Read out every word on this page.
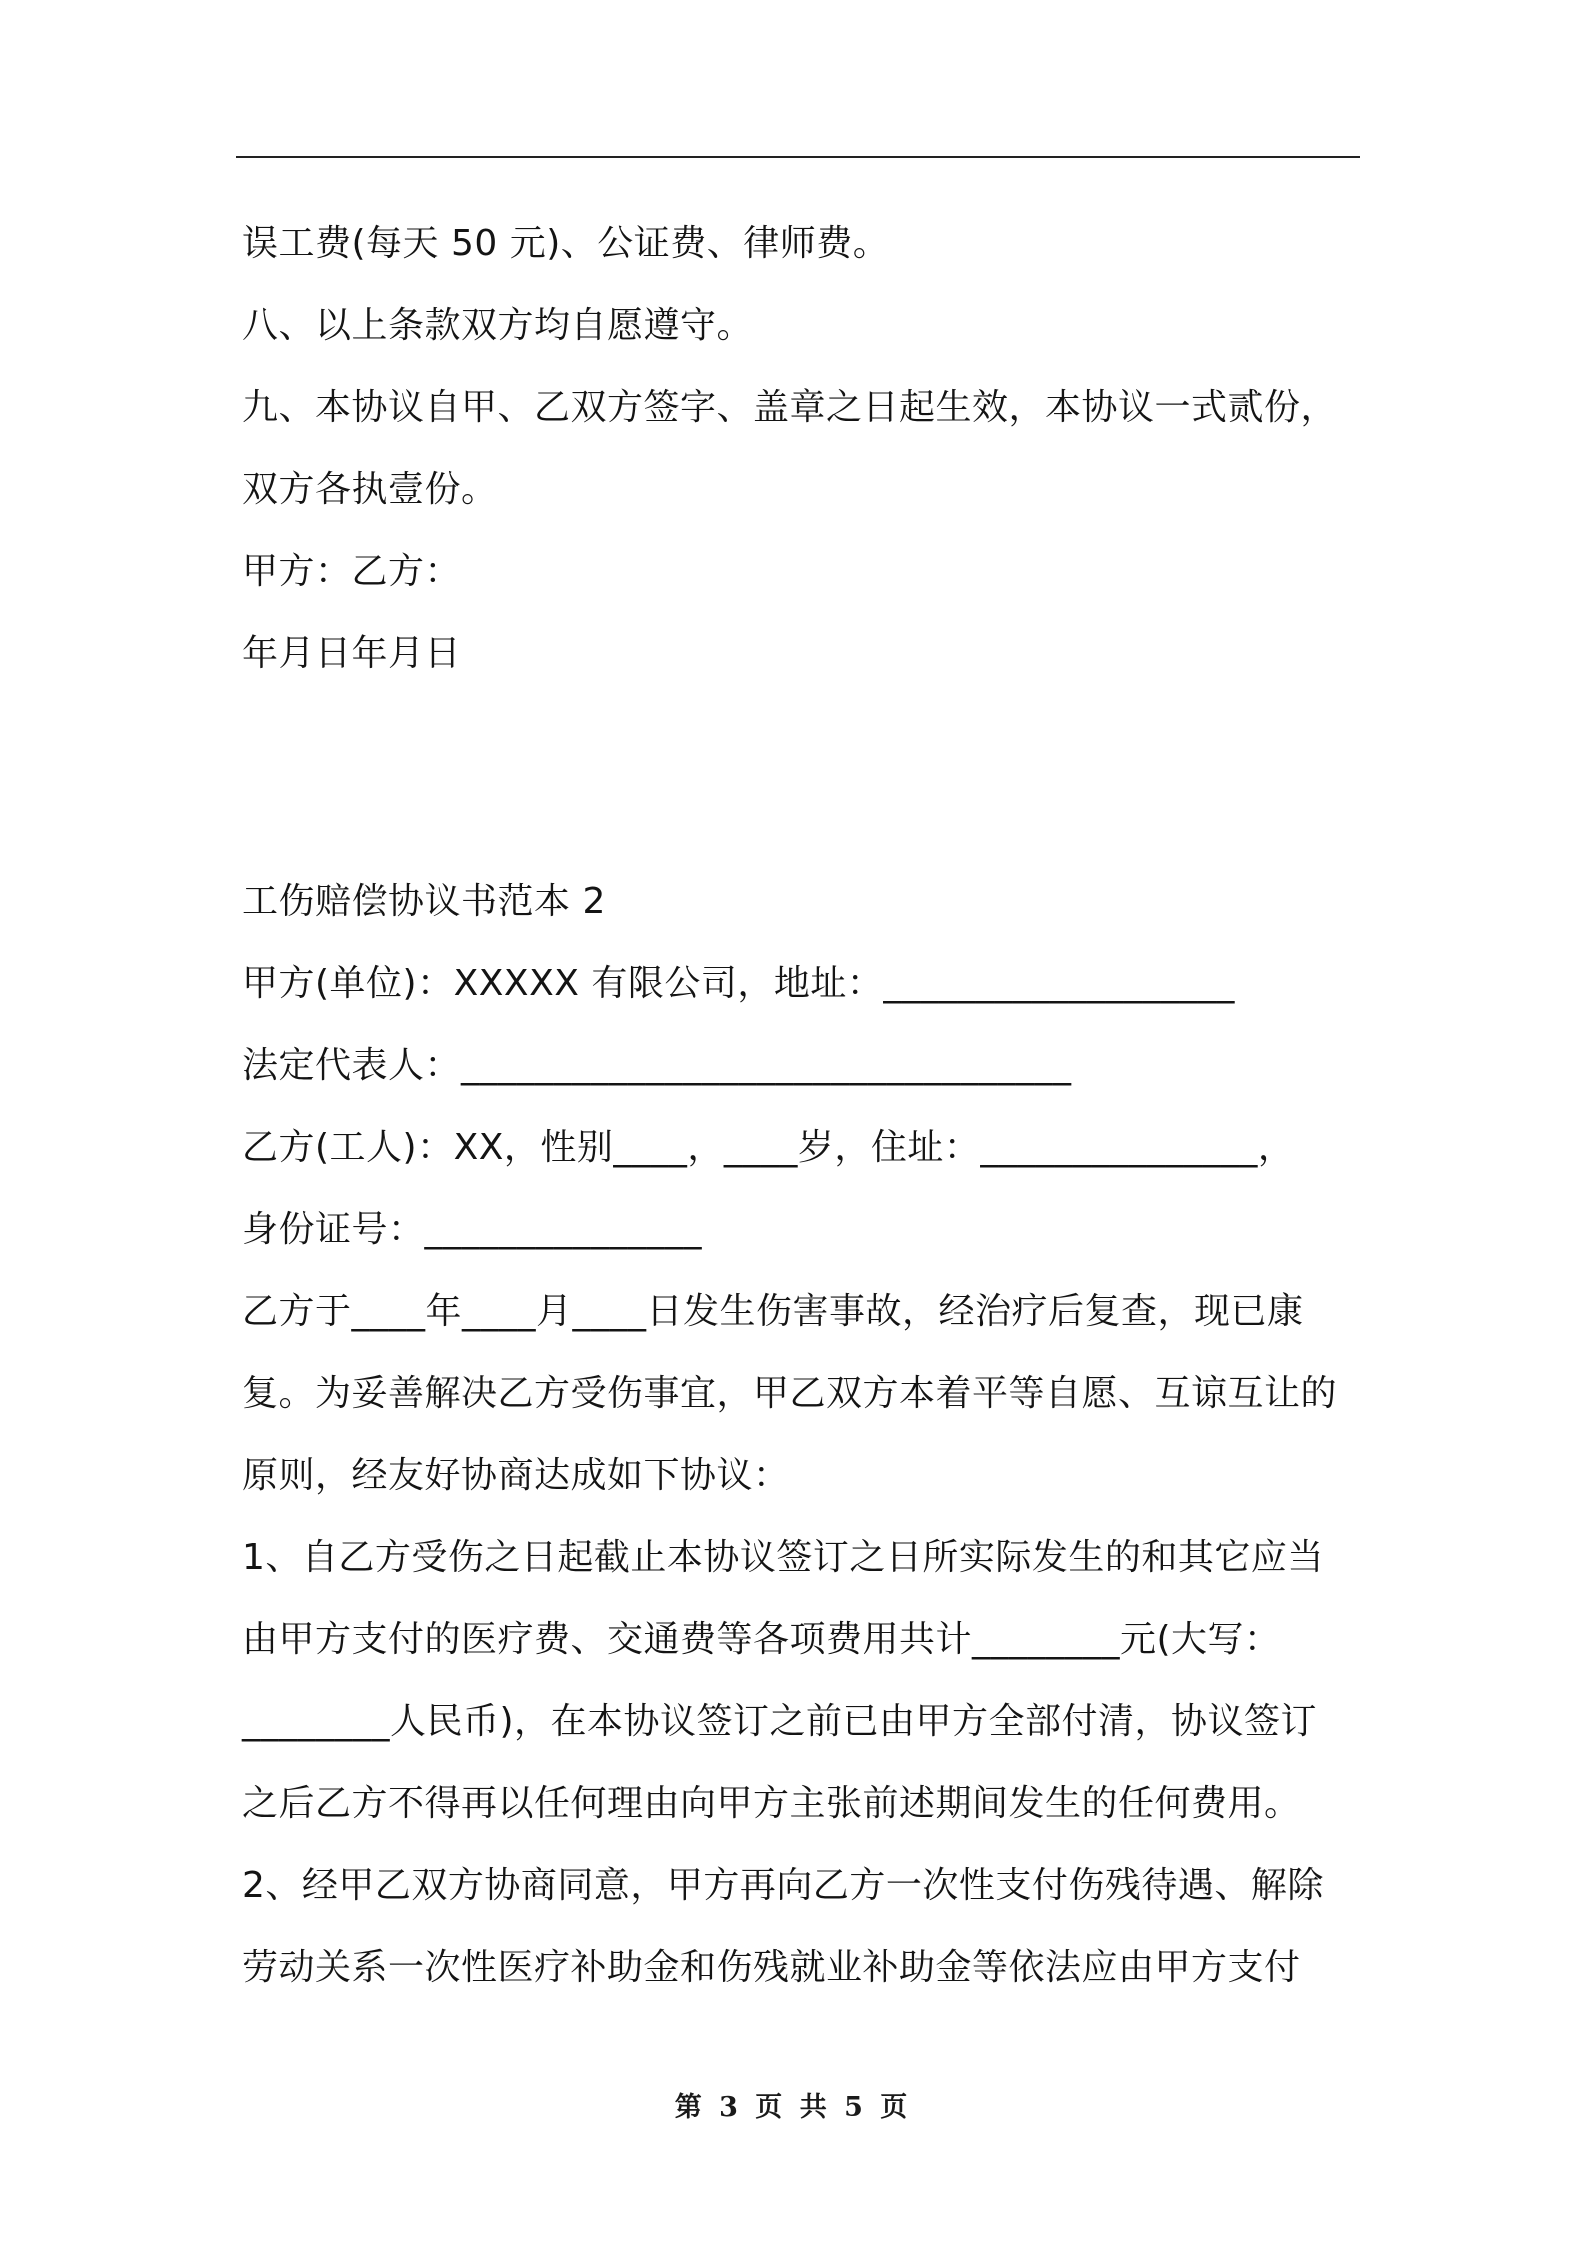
误工费(每天 50 元)、公证费、律师费。
八、以上条款双方均自愿遵守。
九、本协议自甲、乙双方签字、盖章之日起生效，本协议一式贰份，
双方各执壹份。
甲方：乙方：
年月日年月日
工伤赔偿协议书范本 2
甲方(单位)：XXXXX 有限公司，地址：___________________
法定代表人：_________________________________
乙方(工人)：XX，性别____，____岁，住址：_______________，
身份证号：_______________
乙方于____年____月____日发生伤害事故，经治疗后复查，现已康
复。为妥善解决乙方受伤事宜，甲乙双方本着平等自愿、互谅互让的
原则，经友好协商达成如下协议：
1、自乙方受伤之日起截止本协议签订之日所实际发生的和其它应当
由甲方支付的医疗费、交通费等各项费用共计________元(大写：
________人民币)，在本协议签订之前已由甲方全部付清，协议签订
之后乙方不得再以任何理由向甲方主张前述期间发生的任何费用。
2、经甲乙双方协商同意，甲方再向乙方一次性支付伤残待遇、解除
劳动关系一次性医疗补助金和伤残就业补助金等依法应由甲方支付
第 3 页 共 5 页
